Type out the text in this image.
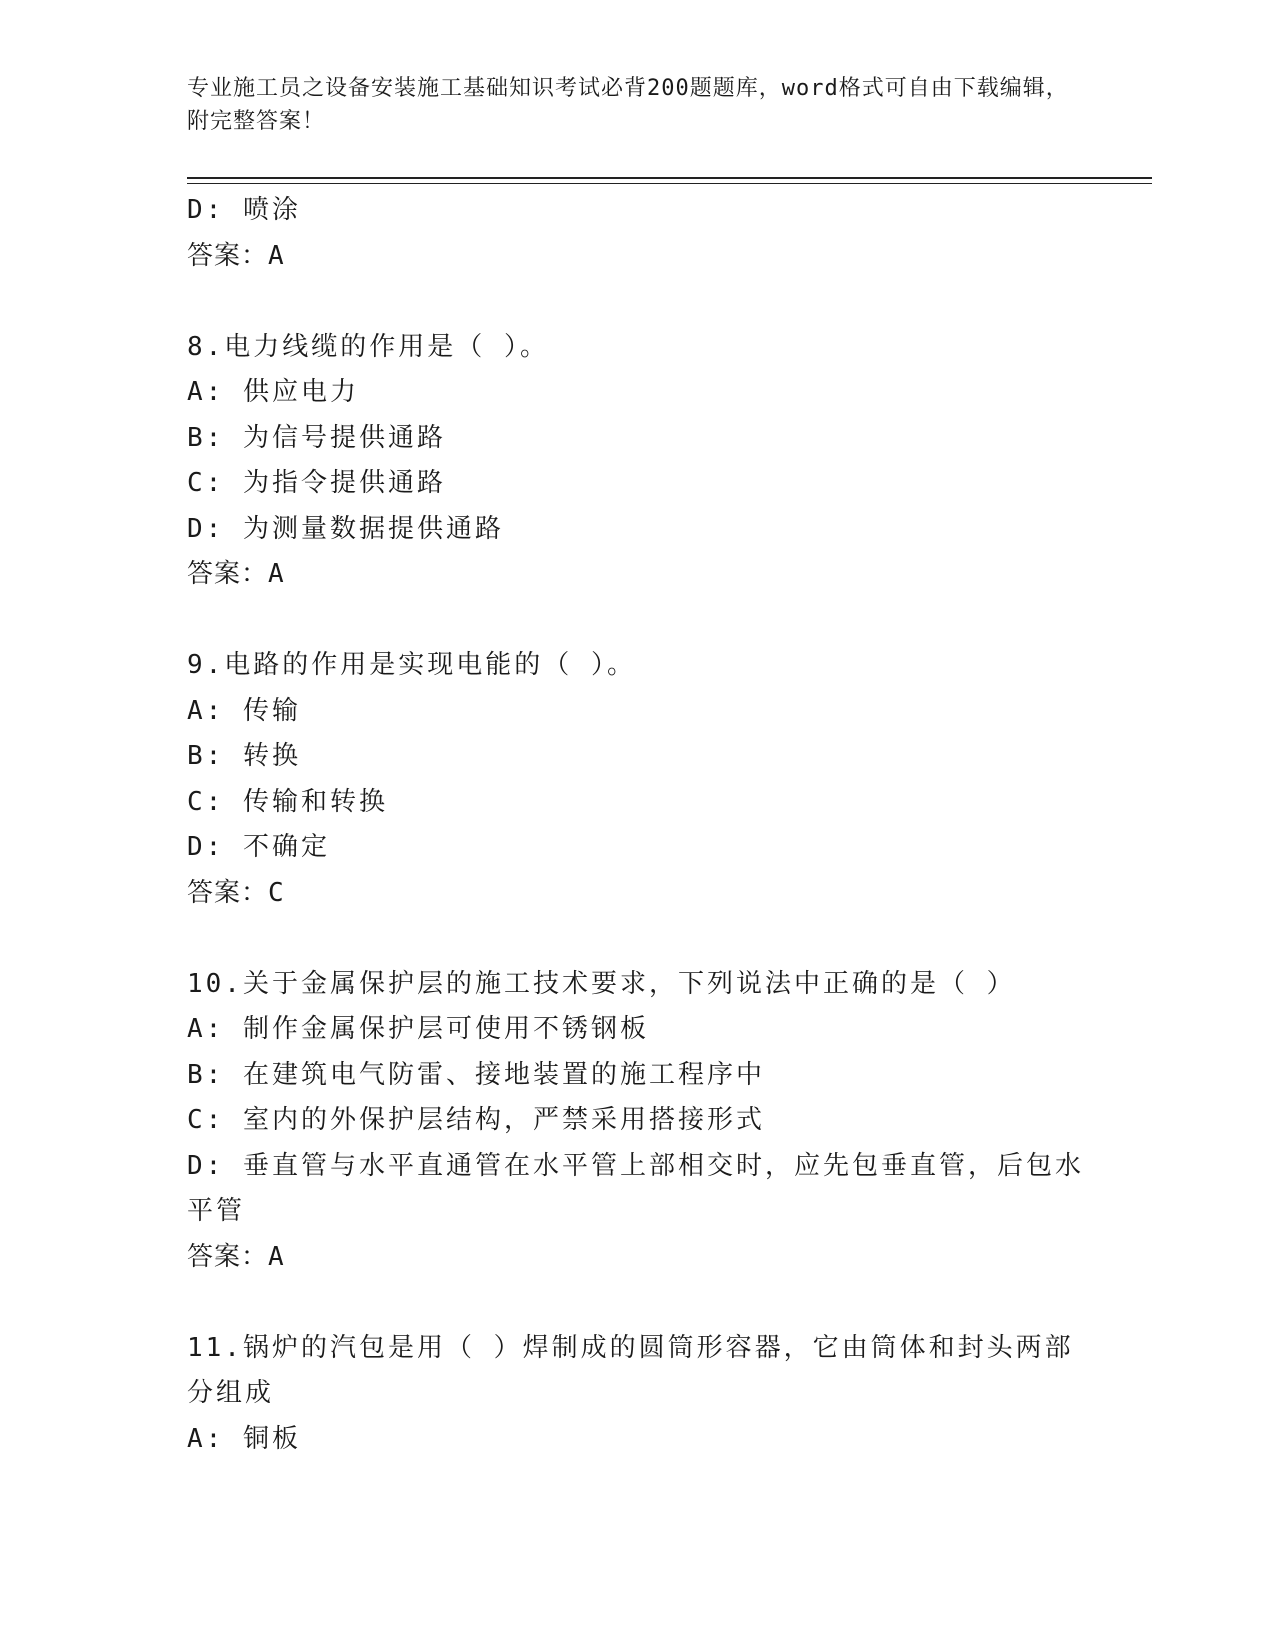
专业施工员之设备安装施工基础知识考试必背200题题库，word格式可自由下载编辑，附完整答案！
D: 喷涂
答案：A
8.电力线缆的作用是（ ）。
A: 供应电力
B: 为信号提供通路
C: 为指令提供通路
D: 为测量数据提供通路
答案：A
9.电路的作用是实现电能的（ ）。
A: 传输
B: 转换
C: 传输和转换
D: 不确定
答案：C
10.关于金属保护层的施工技术要求，下列说法中正确的是（ ）
A: 制作金属保护层可使用不锈钢板
B: 在建筑电气防雷、接地装置的施工程序中
C: 室内的外保护层结构，严禁采用搭接形式
D: 垂直管与水平直通管在水平管上部相交时，应先包垂直管，后包水平管
答案：A
11.锅炉的汽包是用（ ）焊制成的圆筒形容器，它由筒体和封头两部分组成
A: 铜板
